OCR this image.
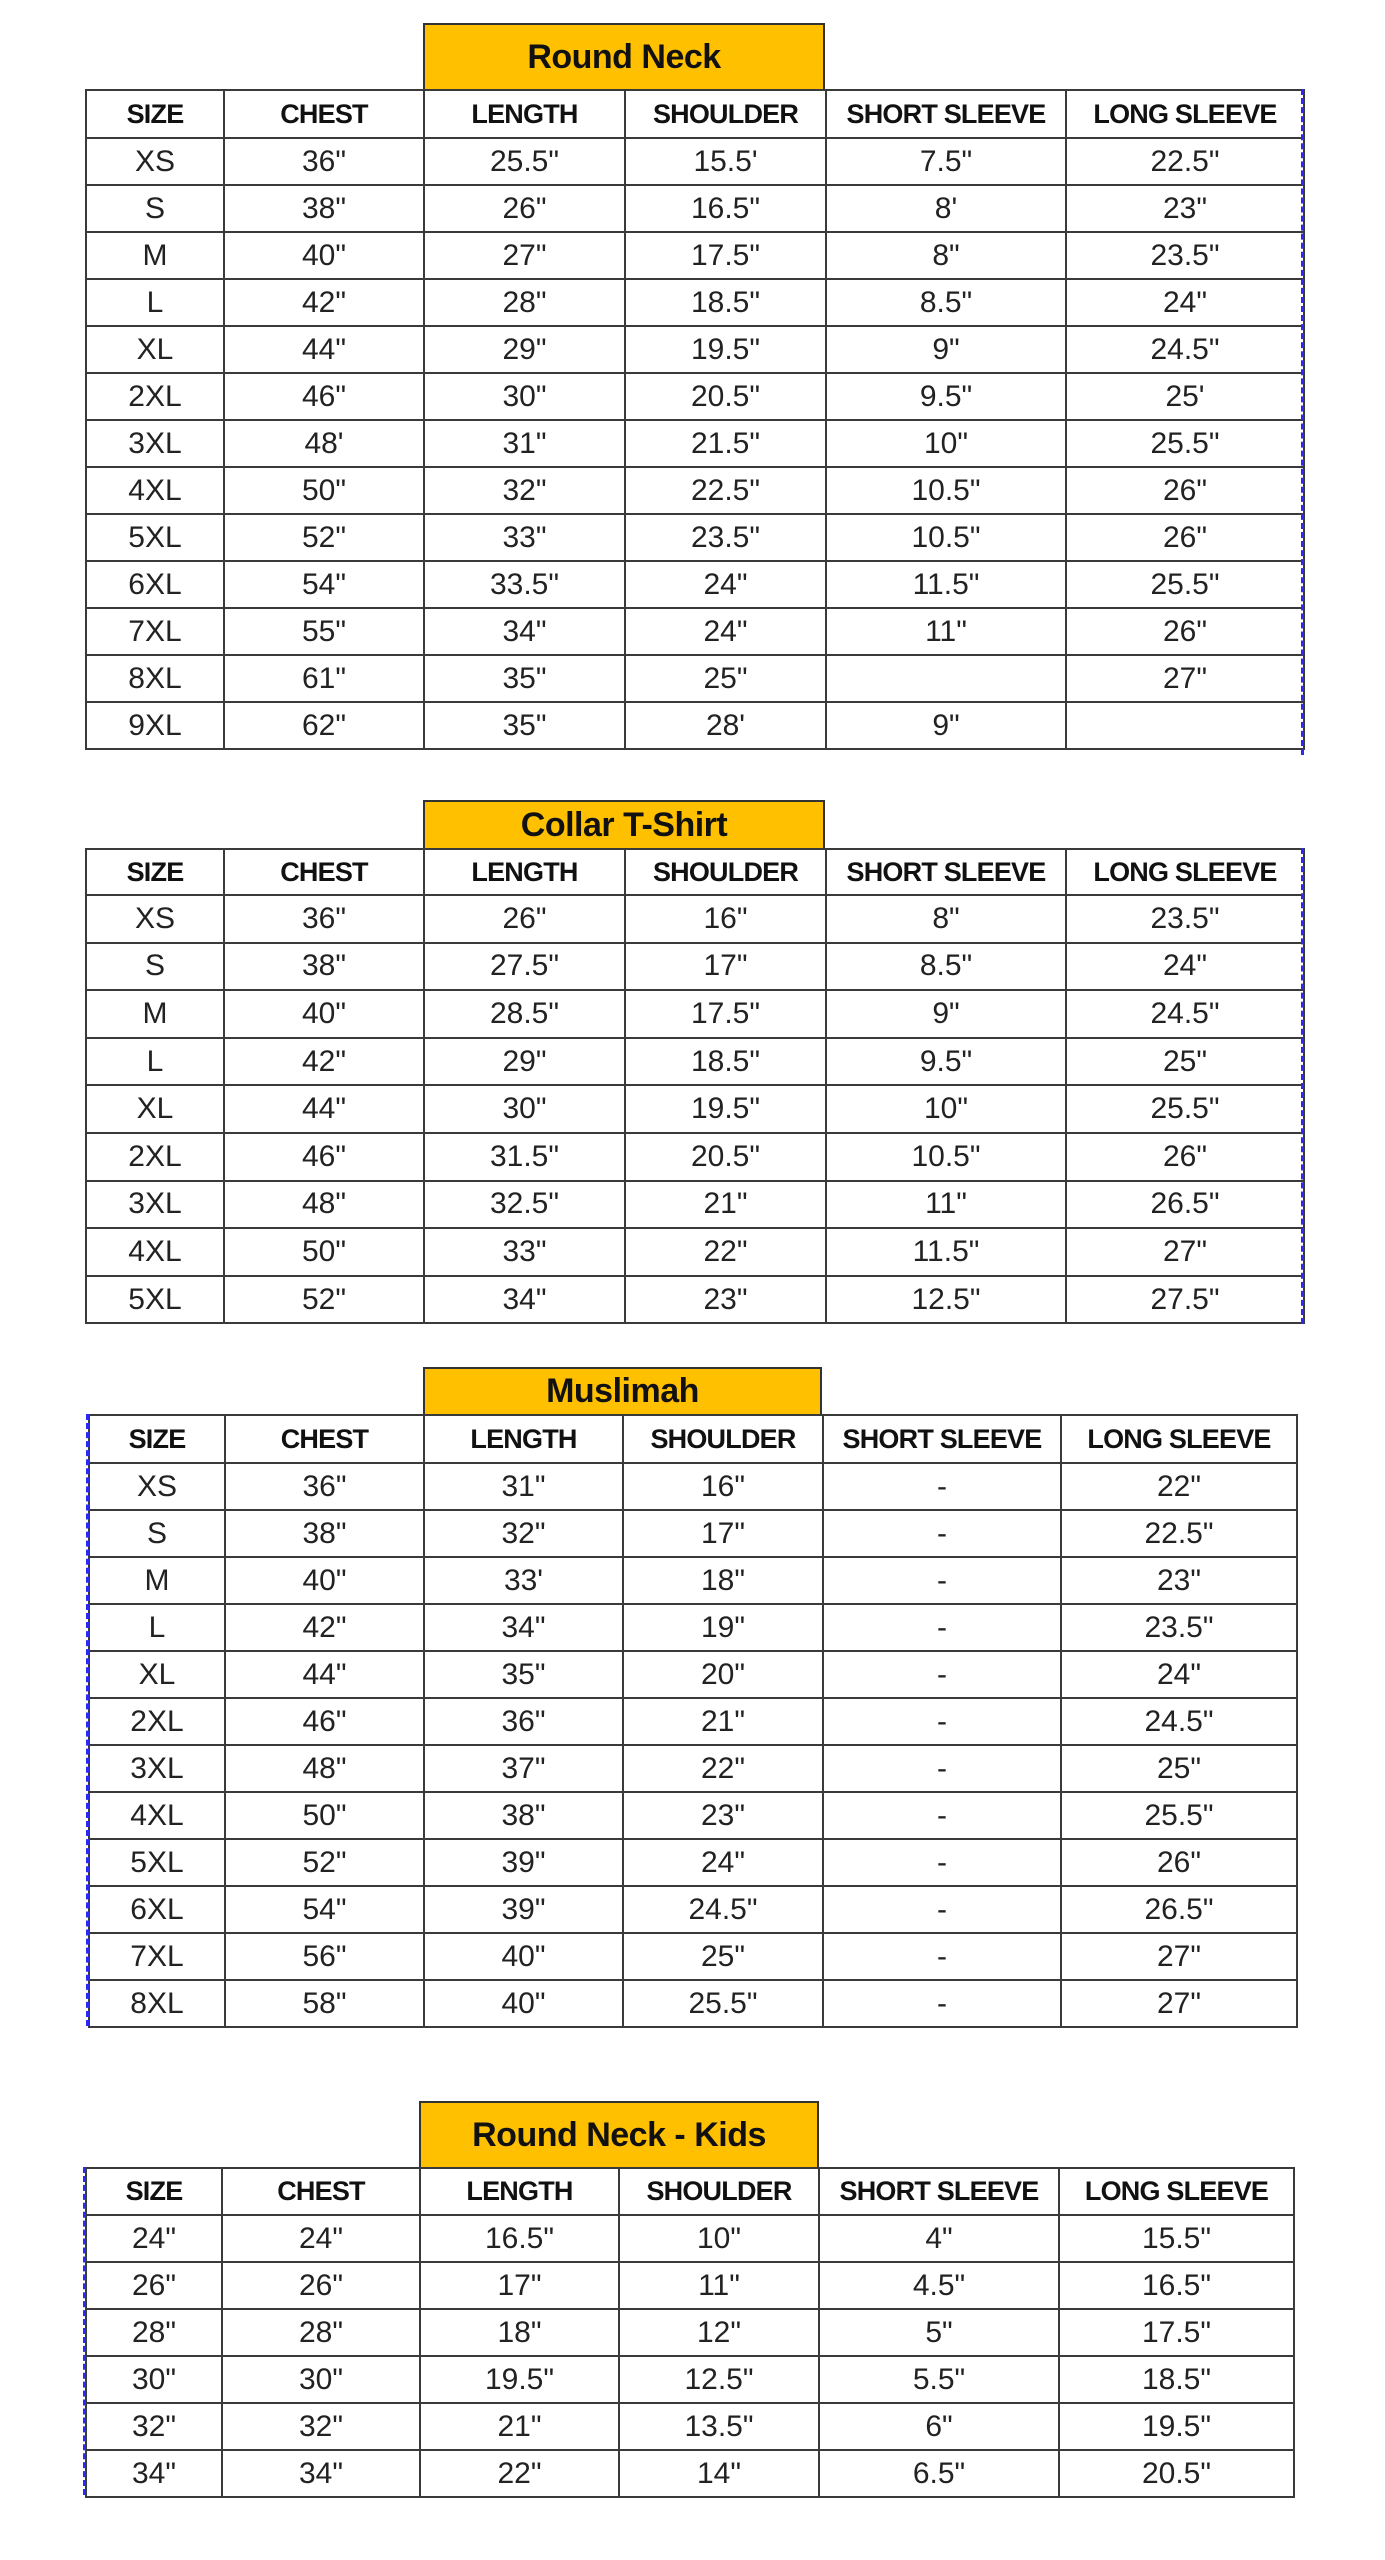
Round Neck
SIZE	CHEST	LENGTH	SHOULDER	SHORT SLEEVE	LONG SLEEVE
XS	36"	25.5"	15.5'	7.5"	22.5"
S	38"	26"	16.5"	8'	23"
M	40"	27"	17.5"	8"	23.5"
L	42"	28"	18.5"	8.5"	24"
XL	44"	29"	19.5"	9"	24.5"
2XL	46"	30"	20.5"	9.5"	25'
3XL	48'	31"	21.5"	10"	25.5"
4XL	50"	32"	22.5"	10.5"	26"
5XL	52"	33"	23.5"	10.5"	26"
6XL	54"	33.5"	24"	11.5"	25.5"
7XL	55"	34"	24"	11"	26"
8XL	61"	35"	25"		27"
9XL	62"	35"	28'	9"	
Collar T-Shirt
SIZE	CHEST	LENGTH	SHOULDER	SHORT SLEEVE	LONG SLEEVE
XS	36"	26"	16"	8"	23.5"
S	38"	27.5"	17"	8.5"	24"
M	40"	28.5"	17.5"	9"	24.5"
L	42"	29"	18.5"	9.5"	25"
XL	44"	30"	19.5"	10"	25.5"
2XL	46"	31.5"	20.5"	10.5"	26"
3XL	48"	32.5"	21"	11"	26.5"
4XL	50"	33"	22"	11.5"	27"
5XL	52"	34"	23"	12.5"	27.5"
Muslimah
SIZE	CHEST	LENGTH	SHOULDER	SHORT SLEEVE	LONG SLEEVE
XS	36"	31"	16"	-	22"
S	38"	32"	17"	-	22.5"
M	40"	33'	18"	-	23"
L	42"	34"	19"	-	23.5"
XL	44"	35"	20"	-	24"
2XL	46"	36"	21"	-	24.5"
3XL	48"	37"	22"	-	25"
4XL	50"	38"	23"	-	25.5"
5XL	52"	39"	24"	-	26"
6XL	54"	39"	24.5"	-	26.5"
7XL	56"	40"	25"	-	27"
8XL	58"	40"	25.5"	-	27"
Round Neck - Kids
SIZE	CHEST	LENGTH	SHOULDER	SHORT SLEEVE	LONG SLEEVE
24"	24"	16.5"	10"	4"	15.5"
26"	26"	17"	11"	4.5"	16.5"
28"	28"	18"	12"	5"	17.5"
30"	30"	19.5"	12.5"	5.5"	18.5"
32"	32"	21"	13.5"	6"	19.5"
34"	34"	22"	14"	6.5"	20.5"
